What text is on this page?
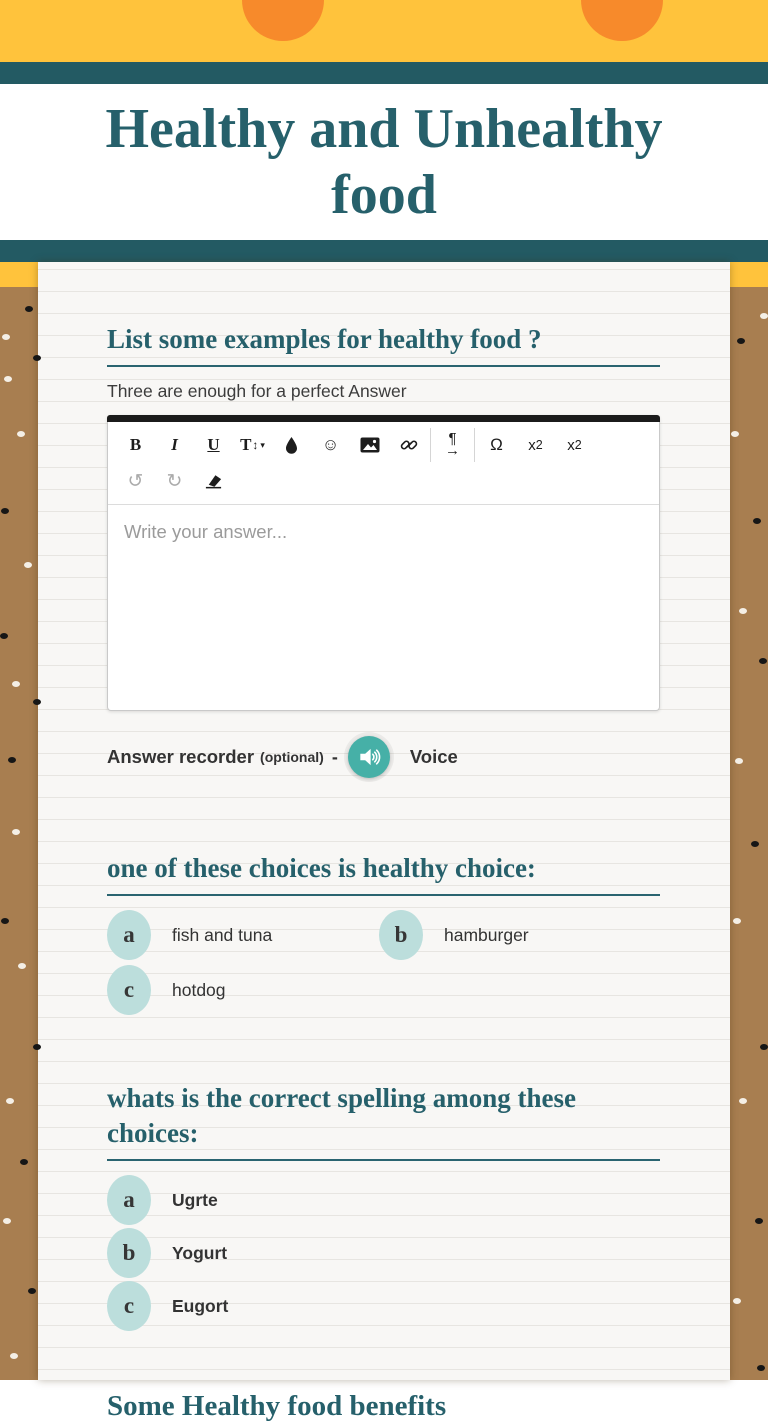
Healthy and Unhealthy
food
List some examples for healthy food ?

Three are enough for a perfect Answer

B	I	U	T ↕ ▾	☺	¶
→ Ω x 2 x 2
↺	↻
Write your answer...
Answer recorder (optional) -	Voice
one of these choices is healthy choice:
a fish and tuna	b hamburger
c hotdog
whats is the correct spelling among these choices:
a Ugrte
b Yogurt
c Eugort
Some Healthy food benefits
